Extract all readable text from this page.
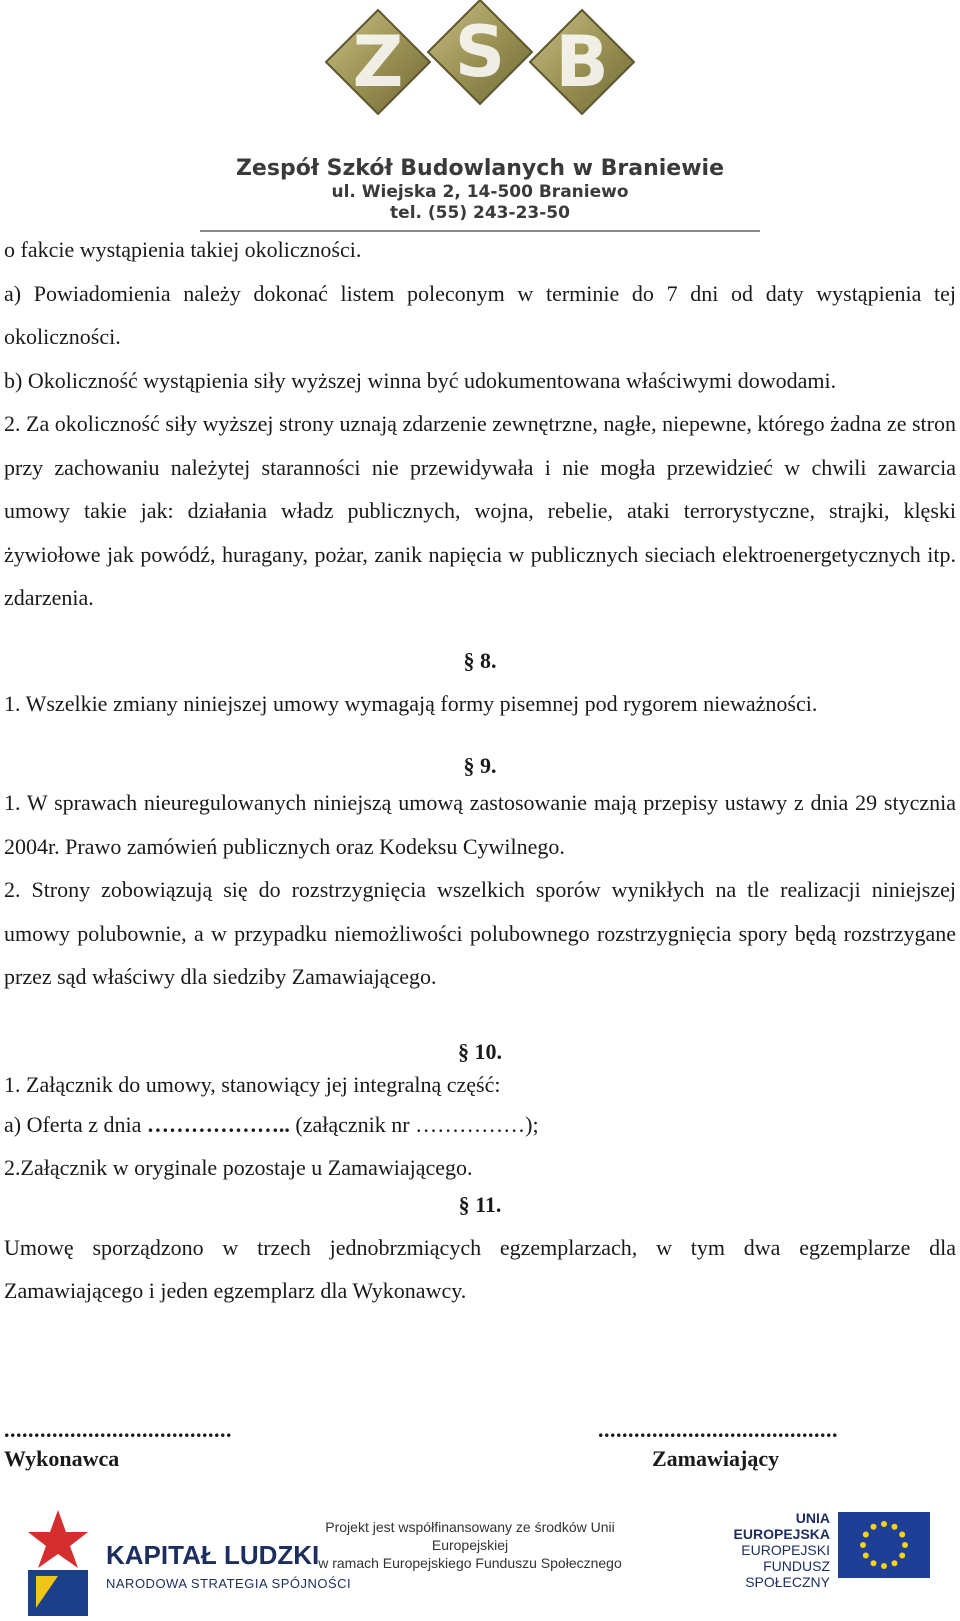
Z S B
Zespół Szkół Budowlanych w Braniewie
ul. Wiejska 2, 14-500 Braniewo
tel. (55) 243-23-50

o fakcie wystąpienia takiej okoliczności.

a) Powiadomienia należy dokonać listem poleconym w terminie do 7 dni od daty wystąpienia tej okoliczności.

b) Okoliczność wystąpienia siły wyższej winna być udokumentowana właściwymi dowodami.

2. Za okoliczność siły wyższej strony uznają zdarzenie zewnętrzne, nagłe, niepewne, którego żadna ze stron przy zachowaniu należytej staranności nie przewidywała i nie mogła przewidzieć w chwili zawarcia umowy takie jak: działania władz publicznych, wojna, rebelie, ataki terrorystyczne, strajki, klęski żywiołowe jak powódź, huragany, pożar, zanik napięcia w publicznych sieciach elektroenergetycznych itp. zdarzenia.

§ 8.

1. Wszelkie zmiany niniejszej umowy wymagają formy pisemnej pod rygorem nieważności.

§ 9.

1. W sprawach nieuregulowanych niniejszą umową zastosowanie mają przepisy ustawy z dnia 29 stycznia 2004r. Prawo zamówień publicznych oraz Kodeksu Cywilnego.

2. Strony zobowiązują się do rozstrzygnięcia wszelkich sporów wynikłych na tle realizacji niniejszej umowy polubownie, a w przypadku niemożliwości polubownego rozstrzygnięcia spory będą rozstrzygane przez sąd właściwy dla siedziby Zamawiającego.

§ 10.

1. Załącznik do umowy, stanowiący jej integralną część:

a) Oferta z dnia ……………….. (załącznik nr ……………);

2.Załącznik w oryginale pozostaje u Zamawiającego.

§ 11.

Umowę sporządzono w trzech jednobrzmiących egzemplarzach, w tym dwa egzemplarze dla Zamawiającego i jeden egzemplarz dla Wykonawcy.

......................................
Wykonawca
........................................
Zamawiający
KAPITAŁ LUDZKI
NARODOWA STRATEGIA SPÓJNOŚCI
Projekt jest współfinansowany ze środków Unii Europejskiej
w ramach Europejskiego Funduszu Społecznego
UNIA EUROPEJSKA
EUROPEJSKI
FUNDUSZ SPOŁECZNY
